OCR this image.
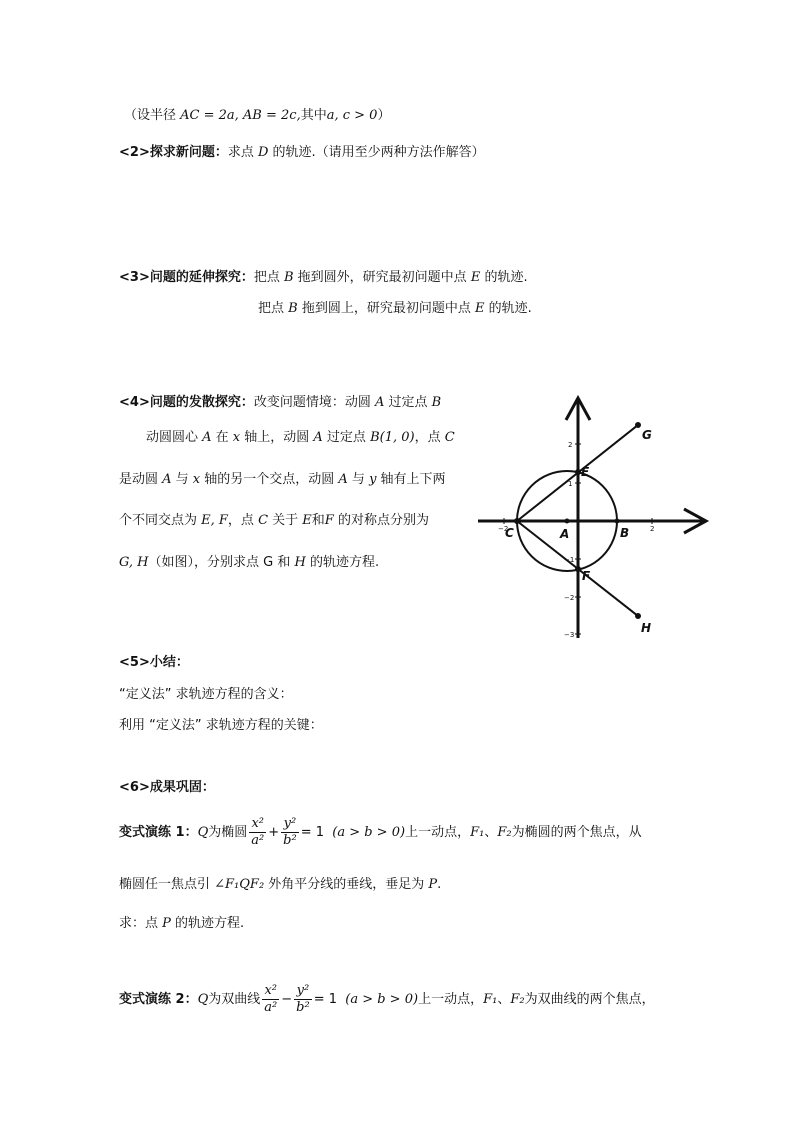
（设半径 AC = 2a, AB = 2c,其中a, c > 0）
<2>探求新问题：求点 D 的轨迹.（请用至少两种方法作解答）
<3>问题的延伸探究：把点 B 拖到圆外，研究最初问题中点 E 的轨迹.
把点 B 拖到圆上，研究最初问题中点 E 的轨迹.
<4>问题的发散探究：改变问题情境：动圆 A 过定点 B
动圆圆心 A 在 x 轴上，动圆 A 过定点 B(1, 0)，点 C
是动圆 A 与 x 轴的另一个交点，动圆 A 与 y 轴有上下两
个不同交点为 E, F，点 C 关于 E和F 的对称点分别为
G, H（如图），分别求点 G 和 H 的轨迹方程.
2
1
−1
−2
−3
−2	2
G
H
E
F
C	A	B
<5>小结：
“定义法” 求轨迹方程的含义：
利用 “定义法” 求轨迹方程的关键：
<6>成果巩固：
变式演练 1：Q为椭圆 $\frac{\text{x²}}{\text{a²}} + \frac{\text{y²}}{\text{b²}} = 1$ (a > b > 0)上一动点，F₁、F₂为椭圆的两个焦点，从
椭圆任一焦点引 ∠F₁QF₂ 外角平分线的垂线，垂足为 P.
求：点 P 的轨迹方程.
变式演练 2：Q为双曲线 $\frac{\text{x²}}{\text{a²}} - \frac{\text{y²}}{\text{b²}} = 1$ (a > b > 0)上一动点，F₁、F₂为双曲线的两个焦点，
